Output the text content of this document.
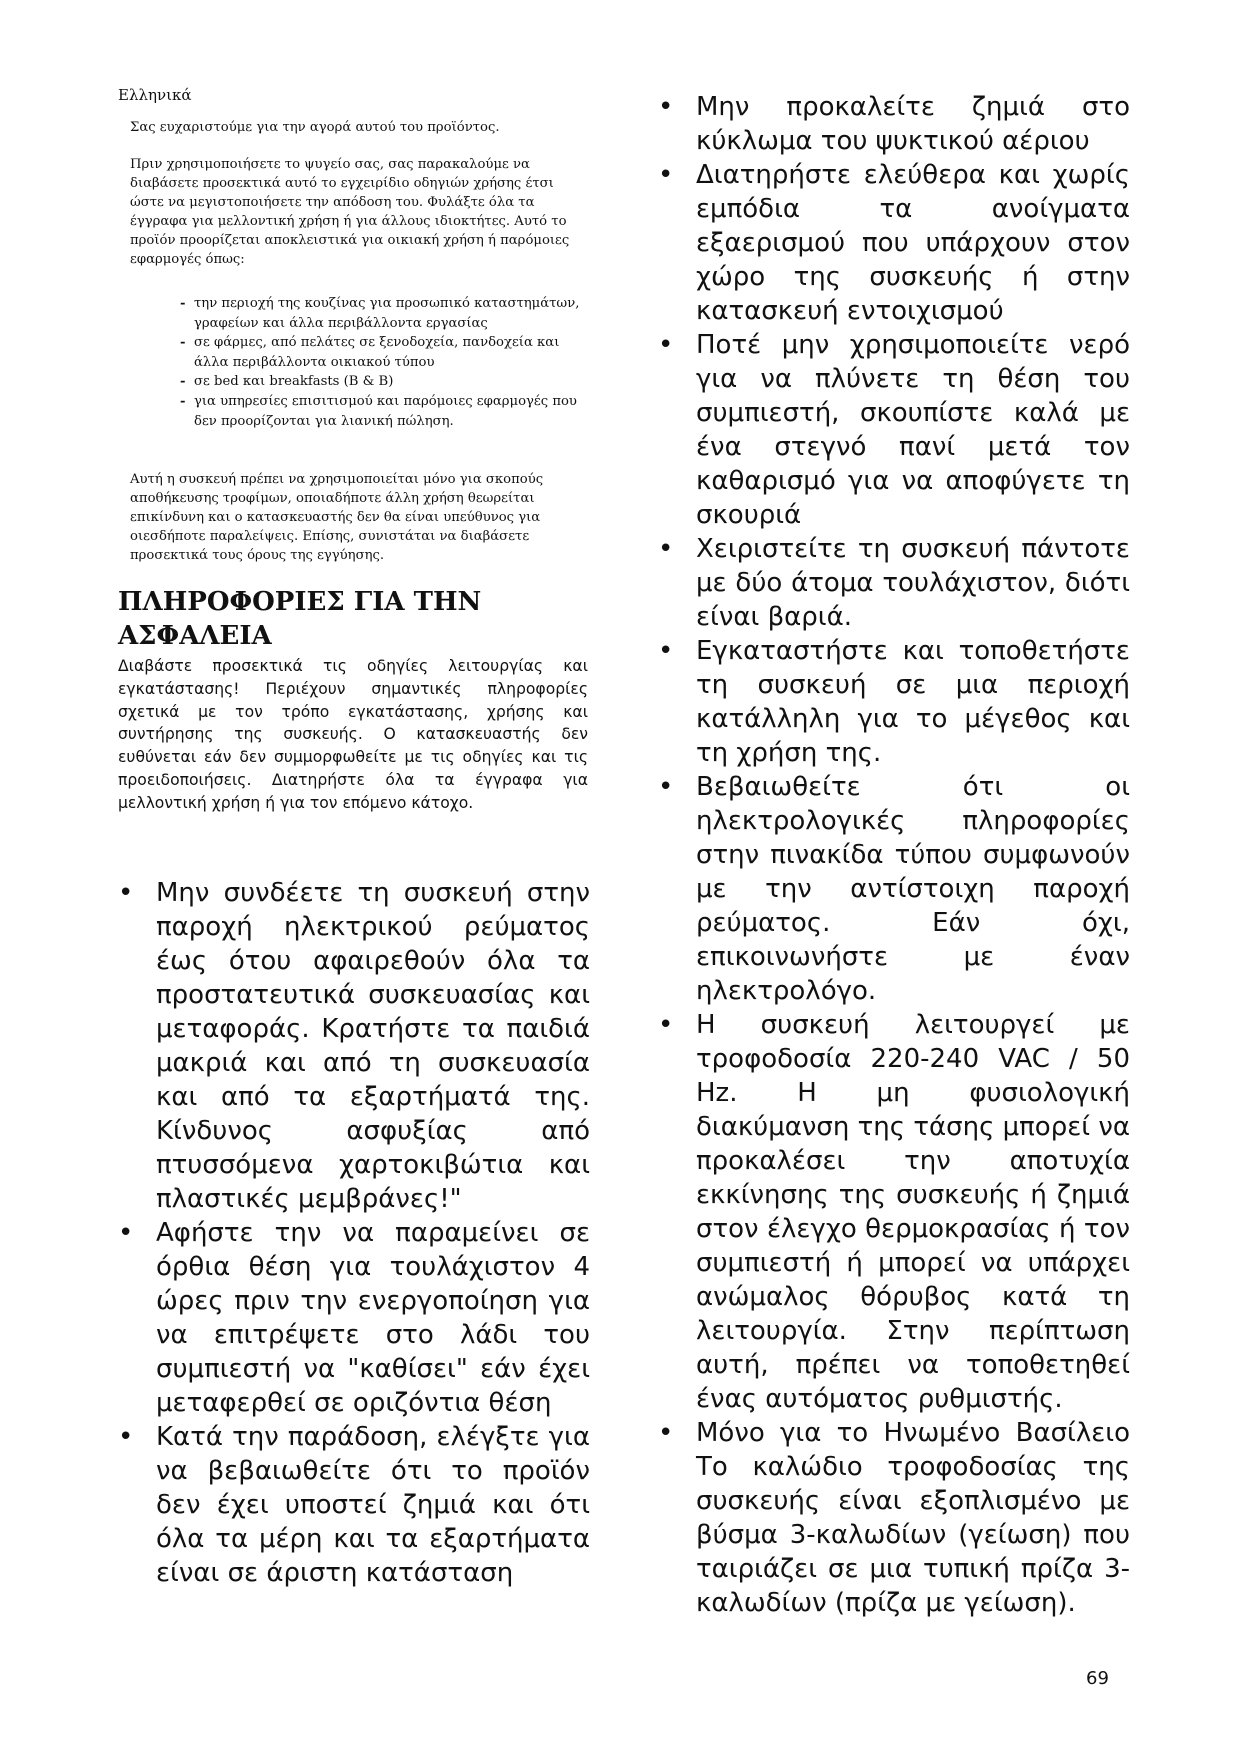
Ελληνικά

Σας ευχαριστούμε για την αγορά αυτού του προϊόντος.

Πριν χρησιμοποιήσετε το ψυγείο σας, σας παρακαλούμε να διαβάσετε προσεκτικά αυτό το εγχειρίδιο οδηγιών χρήσης έτσι ώστε να μεγιστοποιήσετε την απόδοση του. Φυλάξτε όλα τα έγγραφα για μελλοντική χρήση ή για άλλους ιδιοκτήτες. Αυτό το προϊόν προορίζεται αποκλειστικά για οικιακή χρήση ή παρόμοιες εφαρμογές όπως:

- την περιοχή της κουζίνας για προσωπικό καταστημάτων, γραφείων και άλλα περιβάλλοντα εργασίας
- σε φάρμες, από πελάτες σε ξενοδοχεία, πανδοχεία και άλλα περιβάλλοντα οικιακού τύπου
- σε bed και breakfasts (B & B)
- για υπηρεσίες επισιτισμού και παρόμοιες εφαρμογές που δεν προορίζονται για λιανική πώληση.

Αυτή η συσκευή πρέπει να χρησιμοποιείται μόνο για σκοπούς αποθήκευσης τροφίμων, οποιαδήποτε άλλη χρήση θεωρείται επικίνδυνη και ο κατασκευαστής δεν θα είναι υπεύθυνος για οιεσδήποτε παραλείψεις. Επίσης, συνιστάται να διαβάσετε προσεκτικά τους όρους της εγγύησης.

ΠΛΗΡΟΦΟΡΙΕΣ ΓΙΑ ΤΗΝ ΑΣΦΑΛΕΙΑ

Διαβάστε προσεκτικά τις οδηγίες λειτουργίας και εγκατάστασης! Περιέχουν σημαντικές πληροφορίες σχετικά με τον τρόπο εγκατάστασης, χρήσης και συντήρησης της συσκευής. Ο κατασκευαστής δεν ευθύνεται εάν δεν συμμορφωθείτε με τις οδηγίες και τις προειδοποιήσεις. Διατηρήστε όλα τα έγγραφα για μελλοντική χρήση ή για τον επόμενο κάτοχο.

• Μην συνδέετε τη συσκευή στην παροχή ηλεκτρικού ρεύματος έως ότου αφαιρεθούν όλα τα προστατευτικά συσκευασίας και μεταφοράς. Κρατήστε τα παιδιά μακριά και από τη συσκευασία και από τα εξαρτήματά της. Κίνδυνος ασφυξίας από πτυσσόμενα χαρτοκιβώτια και πλαστικές μεμβράνες!"
• Αφήστε την να παραμείνει σε όρθια θέση για τουλάχιστον 4 ώρες πριν την ενεργοποίηση για να επιτρέψετε στο λάδι του συμπιεστή να "καθίσει" εάν έχει μεταφερθεί σε οριζόντια θέση
• Κατά την παράδοση, ελέγξτε για να βεβαιωθείτε ότι το προϊόν δεν έχει υποστεί ζημιά και ότι όλα τα μέρη και τα εξαρτήματα είναι σε άριστη κατάσταση
• Μην προκαλείτε ζημιά στο κύκλωμα του ψυκτικού αέριου
• Διατηρήστε ελεύθερα και χωρίς εμπόδια τα ανοίγματα εξαερισμού που υπάρχουν στον χώρο της συσκευής ή στην κατασκευή εντοιχισμού
• Ποτέ μην χρησιμοποιείτε νερό για να πλύνετε τη θέση του συμπιεστή, σκουπίστε καλά με ένα στεγνό πανί μετά τον καθαρισμό για να αποφύγετε τη σκουριά
• Χειριστείτε τη συσκευή πάντοτε με δύο άτομα τουλάχιστον, διότι είναι βαριά.
• Εγκαταστήστε και τοποθετήστε τη συσκευή σε μια περιοχή κατάλληλη για το μέγεθος και τη χρήση της.
• Βεβαιωθείτε ότι οι ηλεκτρολογικές πληροφορίες στην πινακίδα τύπου συμφωνούν με την αντίστοιχη παροχή ρεύματος. Εάν όχι, επικοινωνήστε με έναν ηλεκτρολόγο.
• Η συσκευή λειτουργεί με τροφοδοσία 220-240 VAC / 50 Hz. Η μη φυσιολογική διακύμανση της τάσης μπορεί να προκαλέσει την αποτυχία εκκίνησης της συσκευής ή ζημιά στον έλεγχο θερμοκρασίας ή τον συμπιεστή ή μπορεί να υπάρχει ανώμαλος θόρυβος κατά τη λειτουργία. Στην περίπτωση αυτή, πρέπει να τοποθετηθεί ένας αυτόματος ρυθμιστής.
• Μόνο για το Ηνωμένο Βασίλειο Το καλώδιο τροφοδοσίας της συσκευής είναι εξοπλισμένο με βύσμα 3-καλωδίων (γείωση) που ταιριάζει σε μια τυπική πρίζα 3-καλωδίων (πρίζα με γείωση).
69
